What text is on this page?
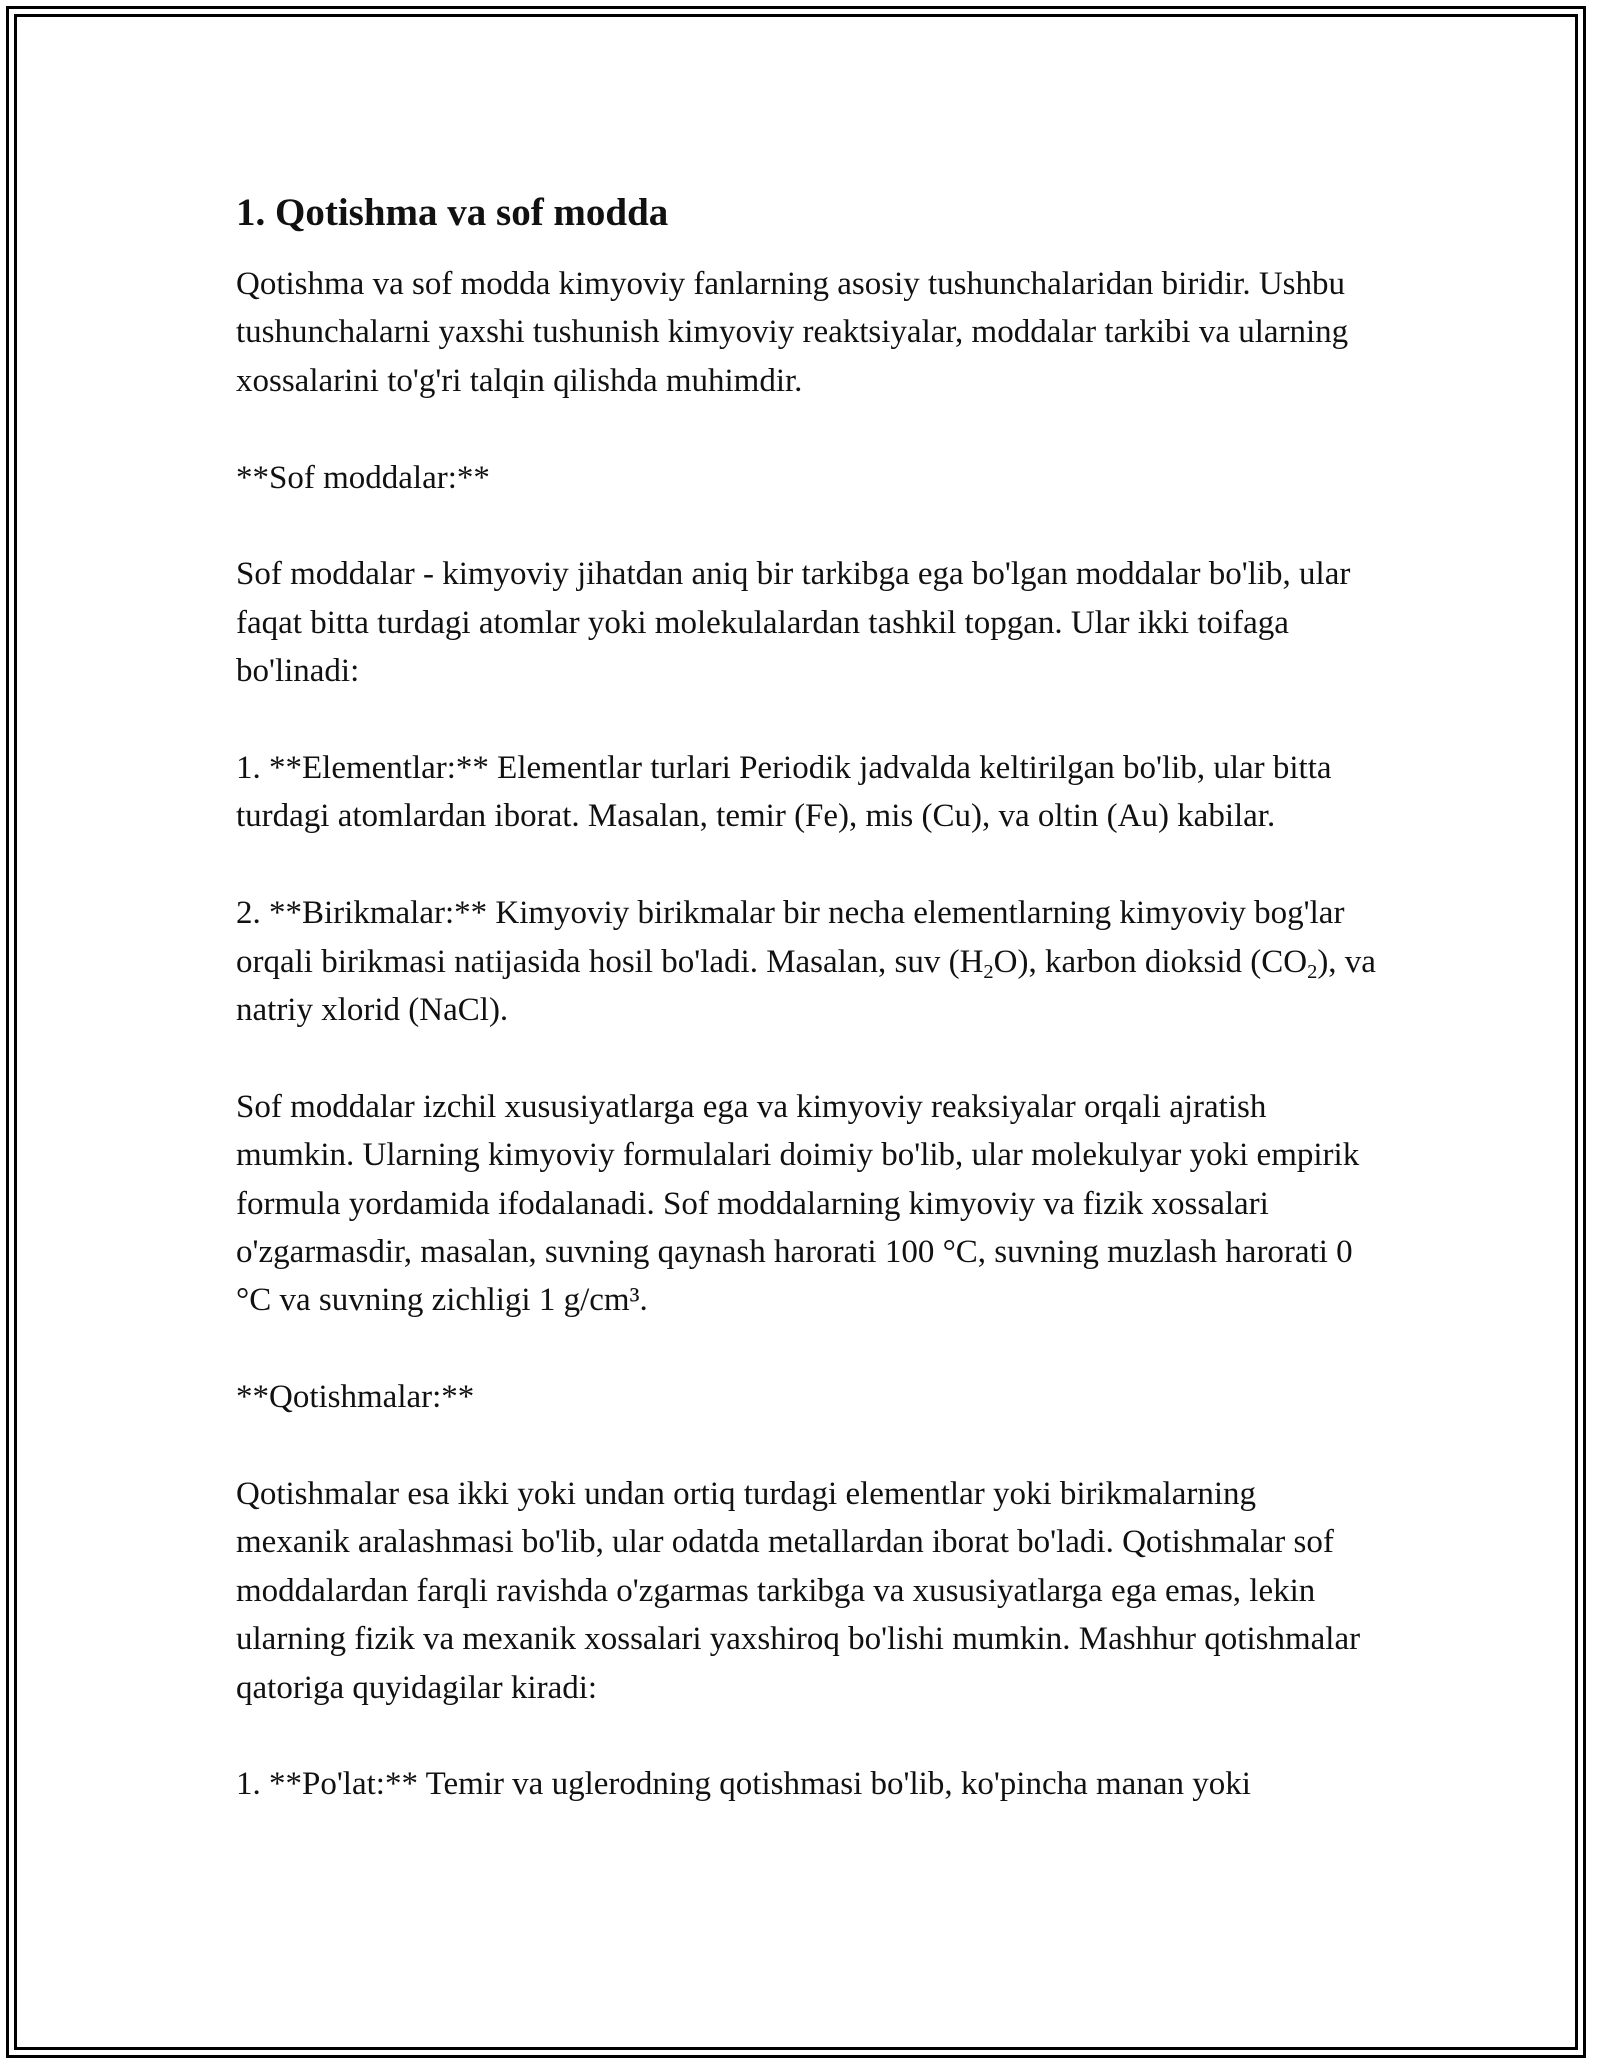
1. Qotishma va sof modda

Qotishma va sof modda kimyoviy fanlarning asosiy tushunchalaridan biridir. Ushbu tushunchalarni yaxshi tushunish kimyoviy reaktsiyalar, moddalar tarkibi va ularning xossalarini to'g'ri talqin qilishda muhimdir.

**Sof moddalar:**

Sof moddalar - kimyoviy jihatdan aniq bir tarkibga ega bo'lgan moddalar bo'lib, ular faqat bitta turdagi atomlar yoki molekulalardan tashkil topgan. Ular ikki toifaga bo'linadi:

1. **Elementlar:** Elementlar turlari Periodik jadvalda keltirilgan bo'lib, ular bitta turdagi atomlardan iborat. Masalan, temir (Fe), mis (Cu), va oltin (Au) kabilar.

2. **Birikmalar:** Kimyoviy birikmalar bir necha elementlarning kimyoviy bog'lar orqali birikmasi natijasida hosil bo'ladi. Masalan, suv $(H_2O)$, karbon dioksid $(CO_2)$, va natriy xlorid (NaCl).

Sof moddalar izchil xususiyatlarga ega va kimyoviy reaksiyalar orqali ajratish mumkin. Ularning kimyoviy formulalari doimiy bo'lib, ular molekulyar yoki empirik formula yordamida ifodalanadi. Sof moddalarning kimyoviy va fizik xossalari o'zgarmasdir, masalan, suvning qaynash harorati 100 °C, suvning muzlash harorati 0 °C va suvning zichligi 1 g/cm³.

**Qotishmalar:**

Qotishmalar esa ikki yoki undan ortiq turdagi elementlar yoki birikmalarning mexanik aralashmasi bo'lib, ular odatda metallardan iborat bo'ladi. Qotishmalar sof moddalardan farqli ravishda o'zgarmas tarkibga va xususiyatlarga ega emas, lekin ularning fizik va mexanik xossalari yaxshiroq bo'lishi mumkin. Mashhur qotishmalar qatoriga quyidagilar kiradi:

1. **Po'lat:** Temir va uglerodning qotishmasi bo'lib, ko'pincha manan yoki
